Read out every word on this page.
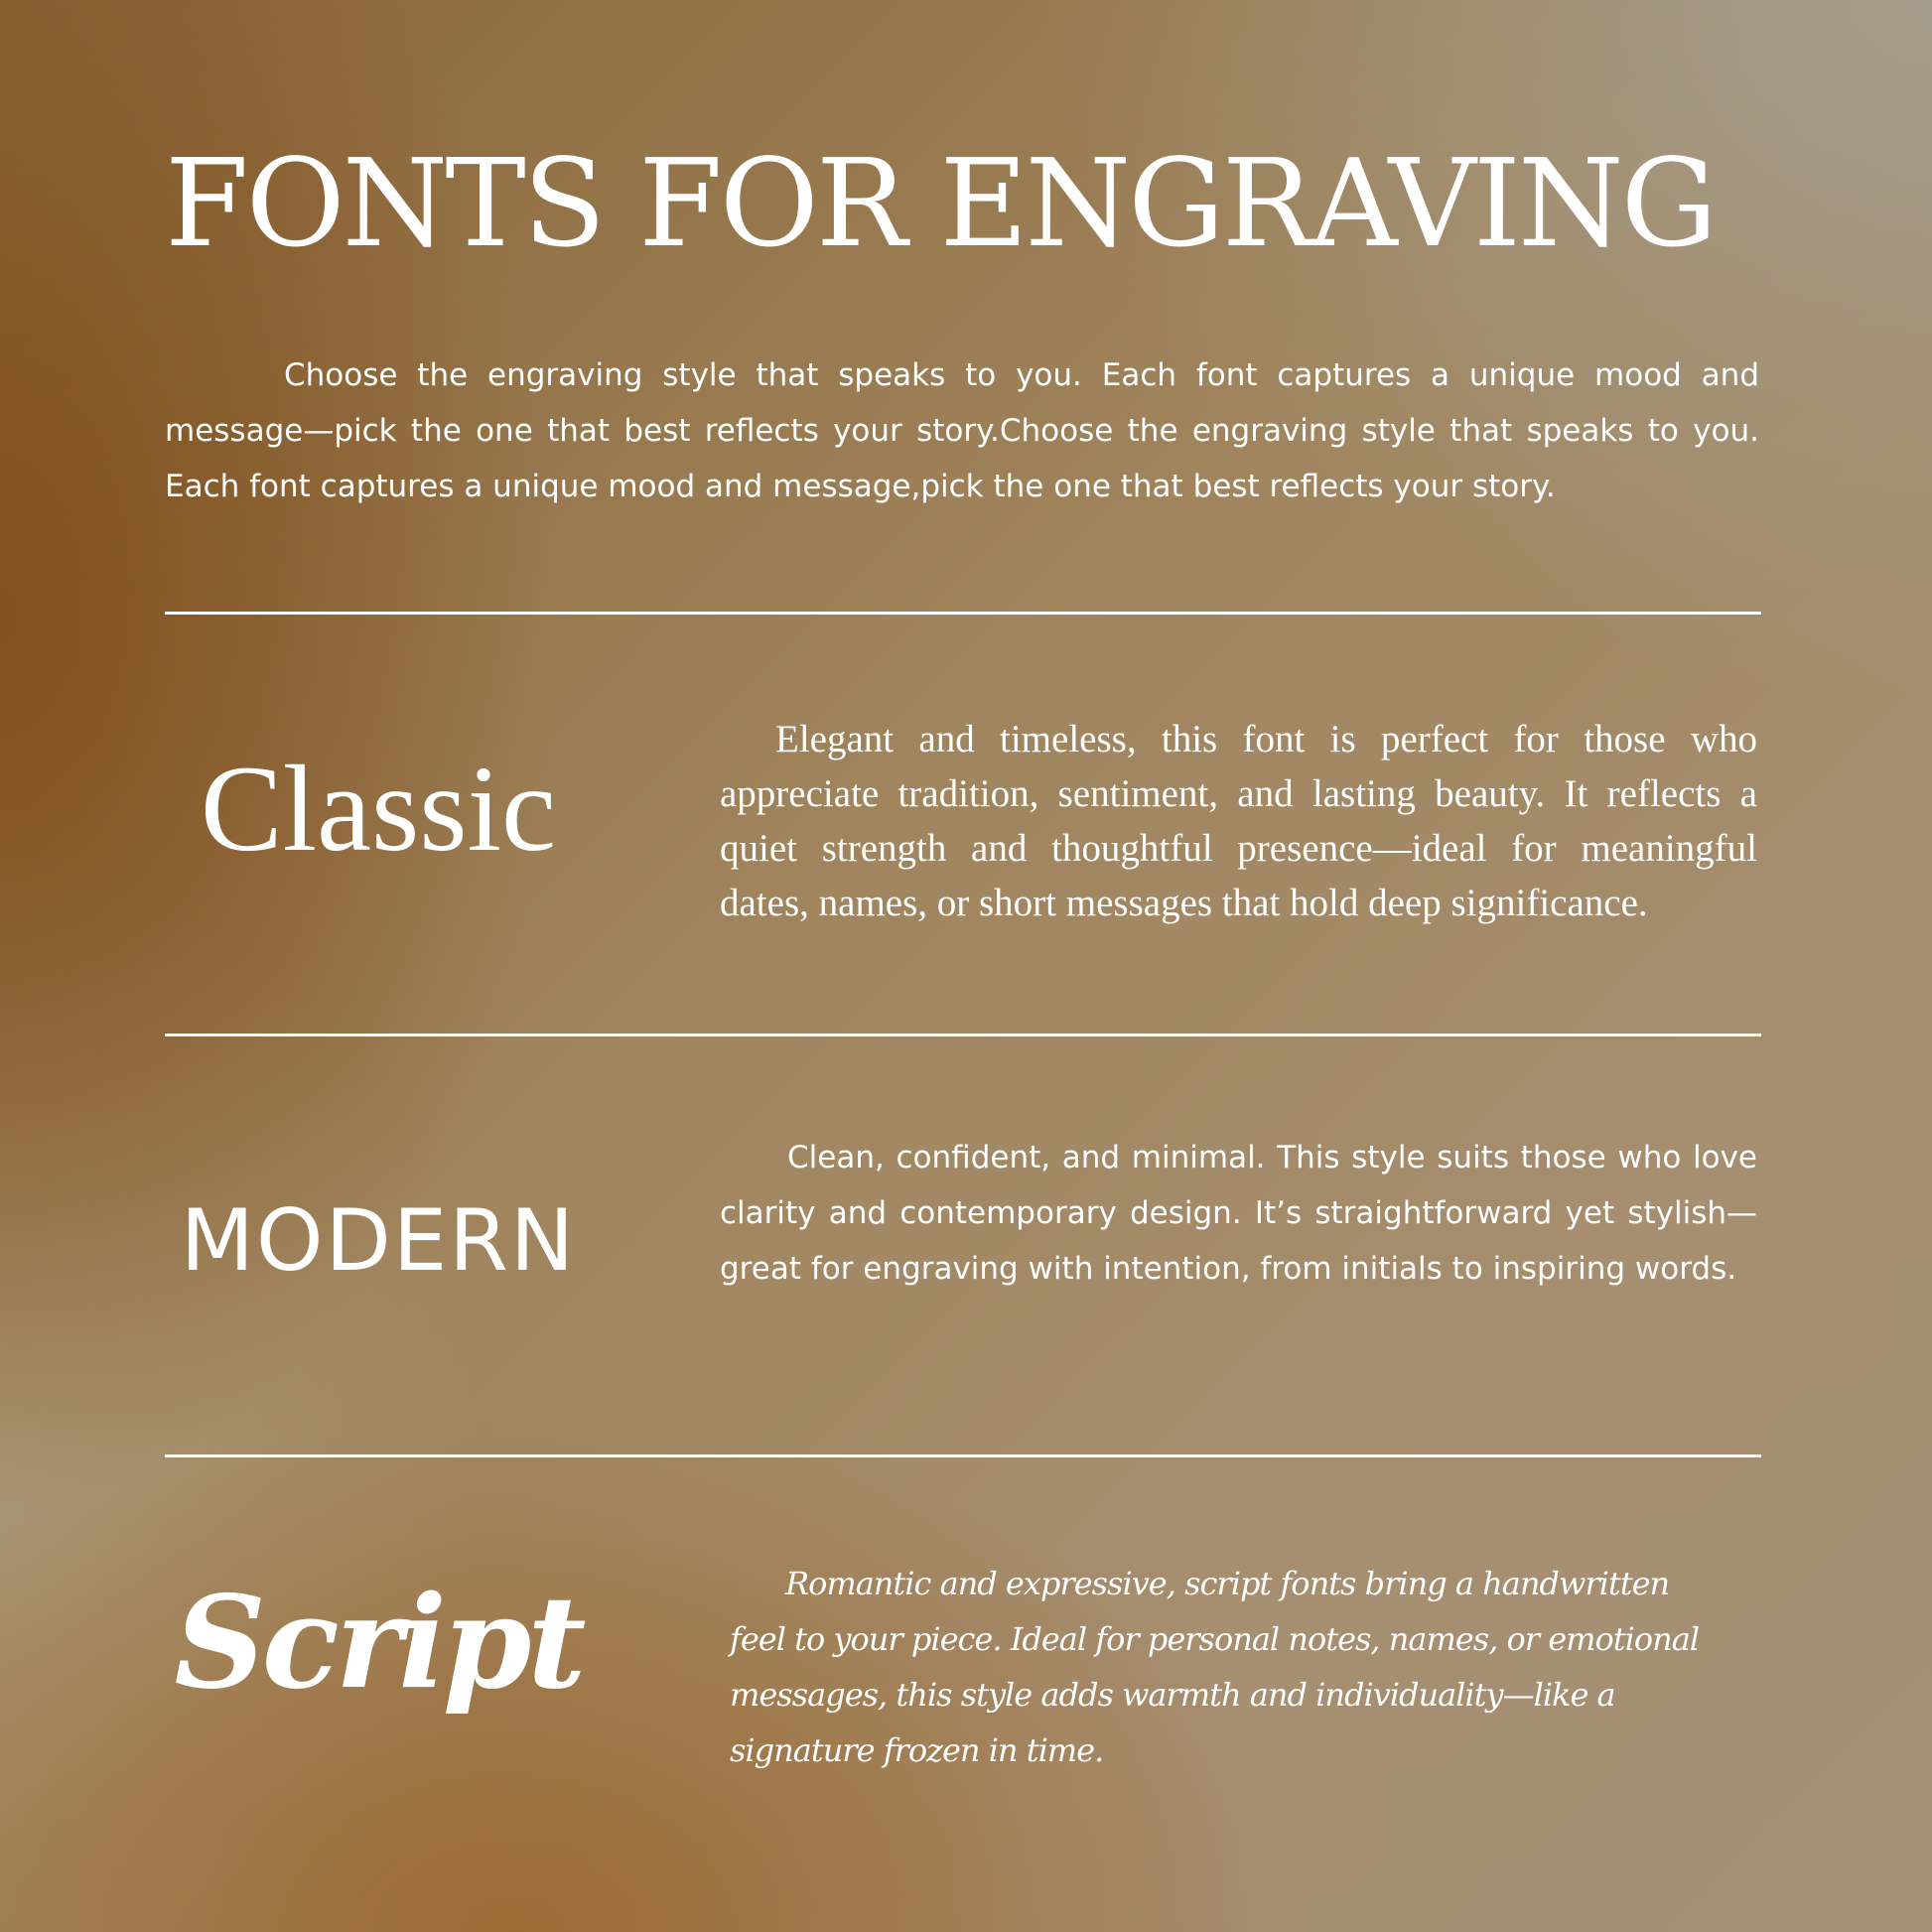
FONTS FOR ENGRAVING

Choose the engraving style that speaks to you. Each font captures a unique mood and message—pick the one that best reflects your story.Choose the engraving style that speaks to you. Each font captures a unique mood and message,pick the one that best reflects your story.

Classic

Elegant and timeless, this font is perfect for those who appreciate tradition, sentiment, and lasting beauty. It reflects a quiet strength and thoughtful presence—ideal for meaningful dates, names, or short messages that hold deep significance.

MODERN

Clean, confident, and minimal. This style suits those who love clarity and contemporary design. It’s straightforward yet stylish—great for engraving with intention, from initials to inspiring words.

Script	Romantic and expressive, script fonts bring a handwritten feel to your piece. Ideal for personal notes, names, or emotional messages, this style adds warmth and individuality—like a signature frozen in time.
